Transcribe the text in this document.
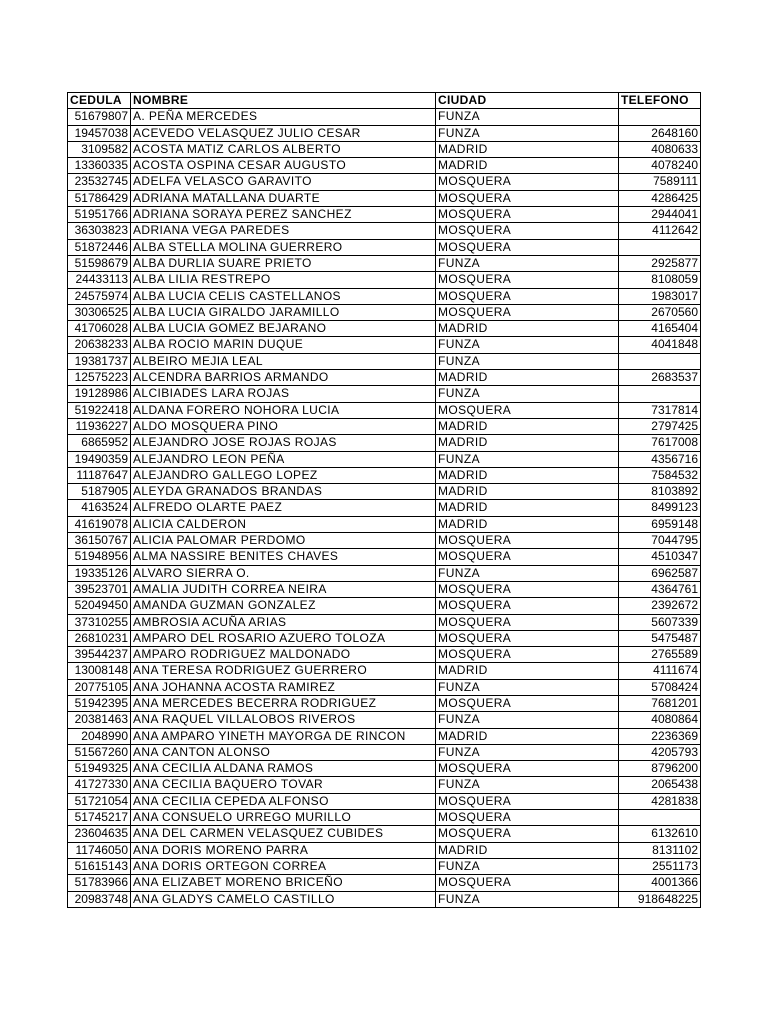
CEDULA	NOMBRE	CIUDAD	TELEFONO
51679807	A. PEÑA MERCEDES	FUNZA	
19457038	ACEVEDO VELASQUEZ JULIO CESAR	FUNZA	2648160
3109582	ACOSTA MATIZ CARLOS ALBERTO	MADRID	4080633
13360335	ACOSTA OSPINA CESAR AUGUSTO	MADRID	4078240
23532745	ADELFA VELASCO GARAVITO	MOSQUERA	7589111
51786429	ADRIANA MATALLANA DUARTE	MOSQUERA	4286425
51951766	ADRIANA SORAYA PEREZ SANCHEZ	MOSQUERA	2944041
36303823	ADRIANA VEGA PAREDES	MOSQUERA	4112642
51872446	ALBA STELLA MOLINA GUERRERO	MOSQUERA	
51598679	ALBA DURLIA SUARE PRIETO	FUNZA	2925877
24433113	ALBA LILIA RESTREPO	MOSQUERA	8108059
24575974	ALBA LUCIA CELIS CASTELLANOS	MOSQUERA	1983017
30306525	ALBA LUCIA GIRALDO JARAMILLO	MOSQUERA	2670560
41706028	ALBA LUCIA GOMEZ BEJARANO	MADRID	4165404
20638233	ALBA ROCIO MARIN DUQUE	FUNZA	4041848
19381737	ALBEIRO MEJIA LEAL	FUNZA	
12575223	ALCENDRA BARRIOS ARMANDO	MADRID	2683537
19128986	ALCIBIADES LARA ROJAS	FUNZA	
51922418	ALDANA FORERO NOHORA LUCIA	MOSQUERA	7317814
11936227	ALDO MOSQUERA PINO	MADRID	2797425
6865952	ALEJANDRO JOSE ROJAS ROJAS	MADRID	7617008
19490359	ALEJANDRO LEON PEÑA	FUNZA	4356716
11187647	ALEJANDRO GALLEGO LOPEZ	MADRID	7584532
5187905	ALEYDA GRANADOS BRANDAS	MADRID	8103892
4163524	ALFREDO OLARTE PAEZ	MADRID	8499123
41619078	ALICIA CALDERON	MADRID	6959148
36150767	ALICIA PALOMAR PERDOMO	MOSQUERA	7044795
51948956	ALMA NASSIRE BENITES CHAVES	MOSQUERA	4510347
19335126	ALVARO SIERRA O.	FUNZA	6962587
39523701	AMALIA JUDITH CORREA NEIRA	MOSQUERA	4364761
52049450	AMANDA GUZMAN GONZALEZ	MOSQUERA	2392672
37310255	AMBROSIA ACUÑA ARIAS	MOSQUERA	5607339
26810231	AMPARO DEL ROSARIO AZUERO TOLOZA	MOSQUERA	5475487
39544237	AMPARO RODRIGUEZ MALDONADO	MOSQUERA	2765589
13008148	ANA TERESA RODRIGUEZ GUERRERO	MADRID	4111674
20775105	ANA JOHANNA ACOSTA RAMIREZ	FUNZA	5708424
51942395	ANA MERCEDES BECERRA RODRIGUEZ	MOSQUERA	7681201
20381463	ANA RAQUEL VILLALOBOS RIVEROS	FUNZA	4080864
2048990	ANA AMPARO YINETH MAYORGA DE RINCON	MADRID	2236369
51567260	ANA CANTON ALONSO	FUNZA	4205793
51949325	ANA CECILIA ALDANA RAMOS	MOSQUERA	8796200
41727330	ANA CECILIA BAQUERO TOVAR	FUNZA	2065438
51721054	ANA CECILIA CEPEDA ALFONSO	MOSQUERA	4281838
51745217	ANA CONSUELO URREGO MURILLO	MOSQUERA	
23604635	ANA DEL CARMEN VELASQUEZ CUBIDES	MOSQUERA	6132610
11746050	ANA DORIS MORENO PARRA	MADRID	8131102
51615143	ANA DORIS ORTEGON CORREA	FUNZA	2551173
51783966	ANA ELIZABET MORENO BRICEÑO	MOSQUERA	4001366
20983748	ANA GLADYS CAMELO CASTILLO	FUNZA	918648225
